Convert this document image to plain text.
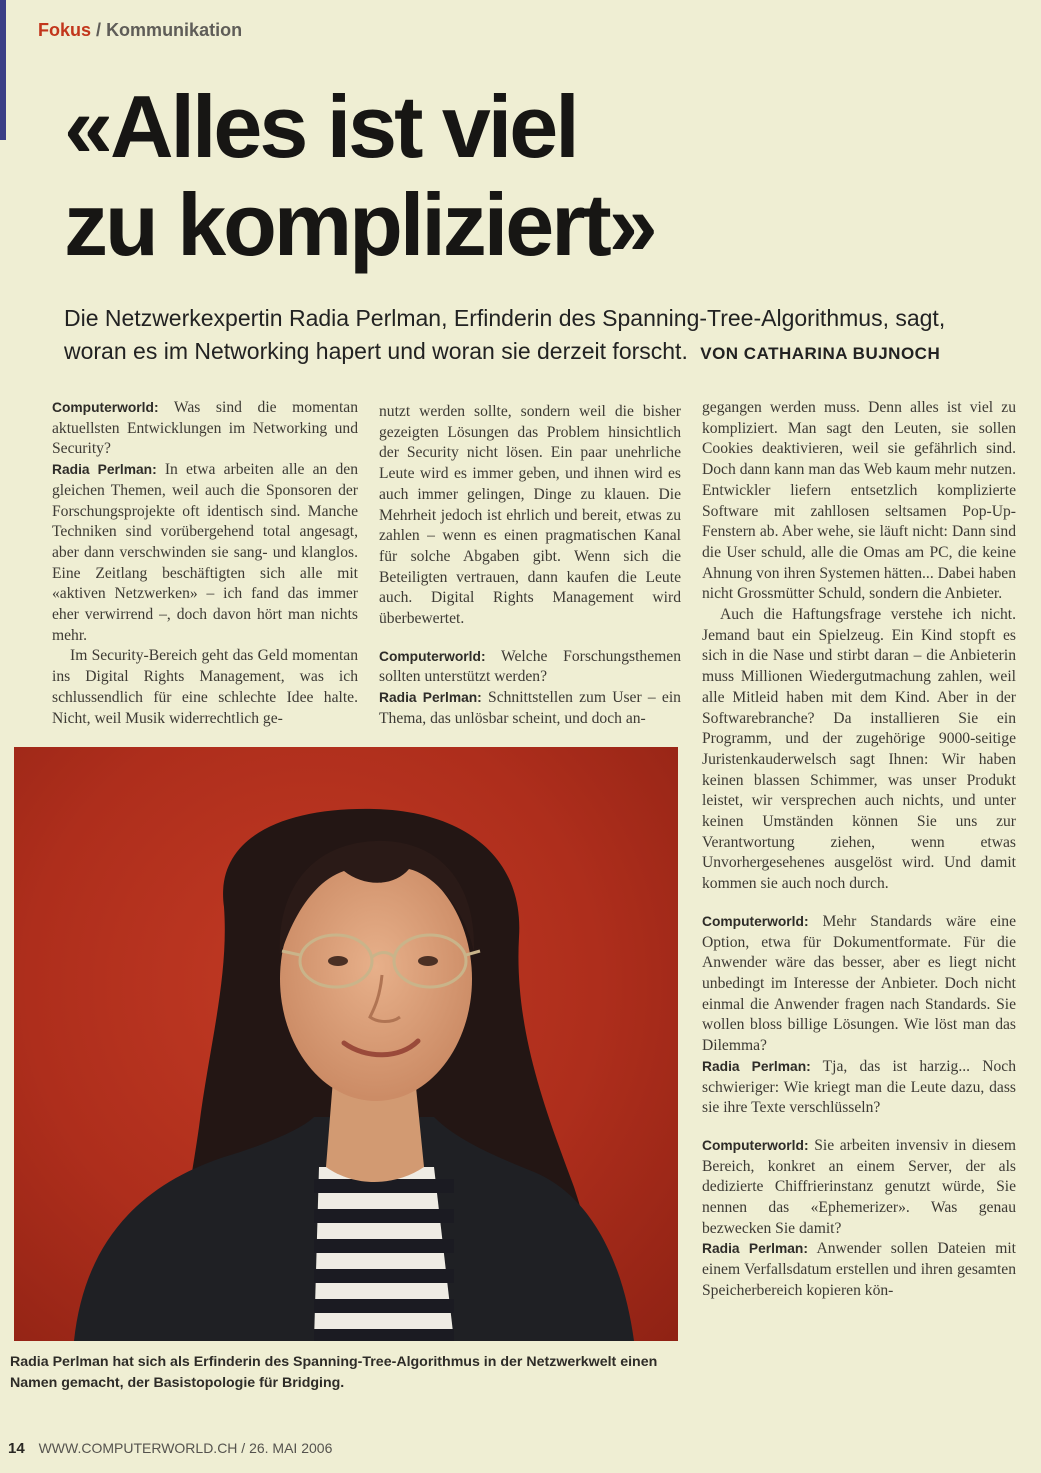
Fokus / Kommunikation
«Alles ist viel
zu kompliziert»
Die Netzwerkexpertin Radia Perlman, Erfinderin des Spanning-Tree-Algorithmus, sagt, woran es im Networking hapert und woran sie derzeit forscht. VON CATHARINA BUJNOCH

Computerworld: Was sind die momentan aktuellsten Entwicklungen im Networking und Security?

Radia Perlman: In etwa arbeiten alle an den gleichen Themen, weil auch die Sponsoren der Forschungsprojekte oft identisch sind. Manche Techniken sind vorübergehend total angesagt, aber dann verschwinden sie sang- und klanglos. Eine Zeitlang beschäftigten sich alle mit «aktiven Netzwerken» – ich fand das immer eher verwirrend –, doch davon hört man nichts mehr.

Im Security-Bereich geht das Geld momentan ins Digital Rights Management, was ich schlussendlich für eine schlechte Idee halte. Nicht, weil Musik widerrechtlich ge-

nutzt werden sollte, sondern weil die bisher gezeigten Lösungen das Problem hinsichtlich der Security nicht lösen. Ein paar unehrliche Leute wird es immer geben, und ihnen wird es auch immer gelingen, Dinge zu klauen. Die Mehrheit jedoch ist ehrlich und bereit, etwas zu zahlen – wenn es einen pragmatischen Kanal für solche Abgaben gibt. Wenn sich die Beteiligten vertrauen, dann kaufen die Leute auch. Digital Rights Management wird überbewertet.

Computerworld: Welche Forschungsthemen sollten unterstützt werden?

Radia Perlman: Schnittstellen zum User – ein Thema, das unlösbar scheint, und doch an-

gegangen werden muss. Denn alles ist viel zu kompliziert. Man sagt den Leuten, sie sollen Cookies deaktivieren, weil sie gefährlich sind. Doch dann kann man das Web kaum mehr nutzen. Entwickler liefern entsetzlich komplizierte Software mit zahllosen seltsamen Pop-Up-Fenstern ab. Aber wehe, sie läuft nicht: Dann sind die User schuld, alle die Omas am PC, die keine Ahnung von ihren Systemen hätten... Dabei haben nicht Grossmütter Schuld, sondern die Anbieter.

Auch die Haftungsfrage verstehe ich nicht. Jemand baut ein Spielzeug. Ein Kind stopft es sich in die Nase und stirbt daran – die Anbieterin muss Millionen Wiedergutmachung zahlen, weil alle Mitleid haben mit dem Kind. Aber in der Softwarebranche? Da installieren Sie ein Programm, und der zugehörige 9000-seitige Juristenkauderwelsch sagt Ihnen: Wir haben keinen blassen Schimmer, was unser Produkt leistet, wir versprechen auch nichts, und unter keinen Umständen können Sie uns zur Verantwortung ziehen, wenn etwas Unvorhergesehenes ausgelöst wird. Und damit kommen sie auch noch durch.

Computerworld: Mehr Standards wäre eine Option, etwa für Dokumentformate. Für die Anwender wäre das besser, aber es liegt nicht unbedingt im Interesse der Anbieter. Doch nicht einmal die Anwender fragen nach Standards. Sie wollen bloss billige Lösungen. Wie löst man das Dilemma?

Radia Perlman: Tja, das ist harzig... Noch schwieriger: Wie kriegt man die Leute dazu, dass sie ihre Texte verschlüsseln?

Computerworld: Sie arbeiten invensiv in diesem Bereich, konkret an einem Server, der als dedizierte Chiffrierinstanz genutzt würde, Sie nennen das «Ephemerizer». Was genau bezwecken Sie damit?

Radia Perlman: Anwender sollen Dateien mit einem Verfallsdatum erstellen und ihren gesamten Speicherbereich kopieren kön-

Radia Perlman hat sich als Erfinderin des Spanning-Tree-Algorithmus in der Netzwerkwelt einen Namen gemacht, der Basistopologie für Bridging.
14 WWW.COMPUTERWORLD.CH / 26. MAI 2006
